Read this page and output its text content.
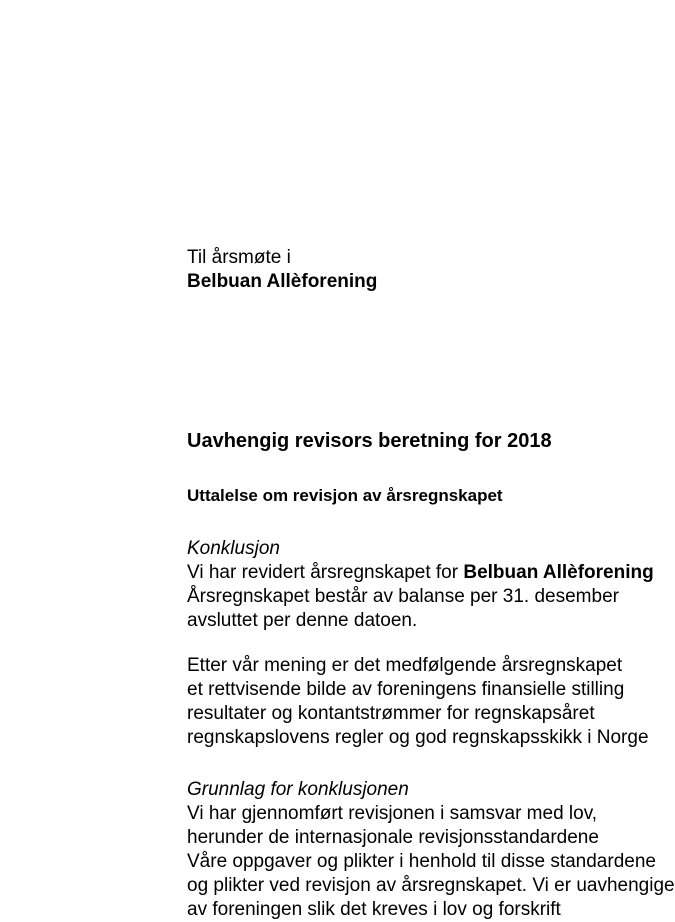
Til årsmøte i
Belbuan Allèforening
Uavhengig revisors beretning for 2018
Uttalelse om revisjon av årsregnskapet
Konklusjon
Vi har revidert årsregnskapet for Belbuan Allèforening
Årsregnskapet består av balanse per 31. desember
avsluttet per denne datoen.
Etter vår mening er det medfølgende årsregnskapet
et rettvisende bilde av foreningens finansielle stilling
resultater og kontantstrømmer for regnskapsåret
regnskapslovens regler og god regnskapsskikk i Norge
Grunnlag for konklusjonen
Vi har gjennomført revisjonen i samsvar med lov,
herunder de internasjonale revisjonsstandardene
Våre oppgaver og plikter i henhold til disse standardene
og plikter ved revisjon av årsregnskapet. Vi er uavhengige
av foreningen slik det kreves i lov og forskrift
